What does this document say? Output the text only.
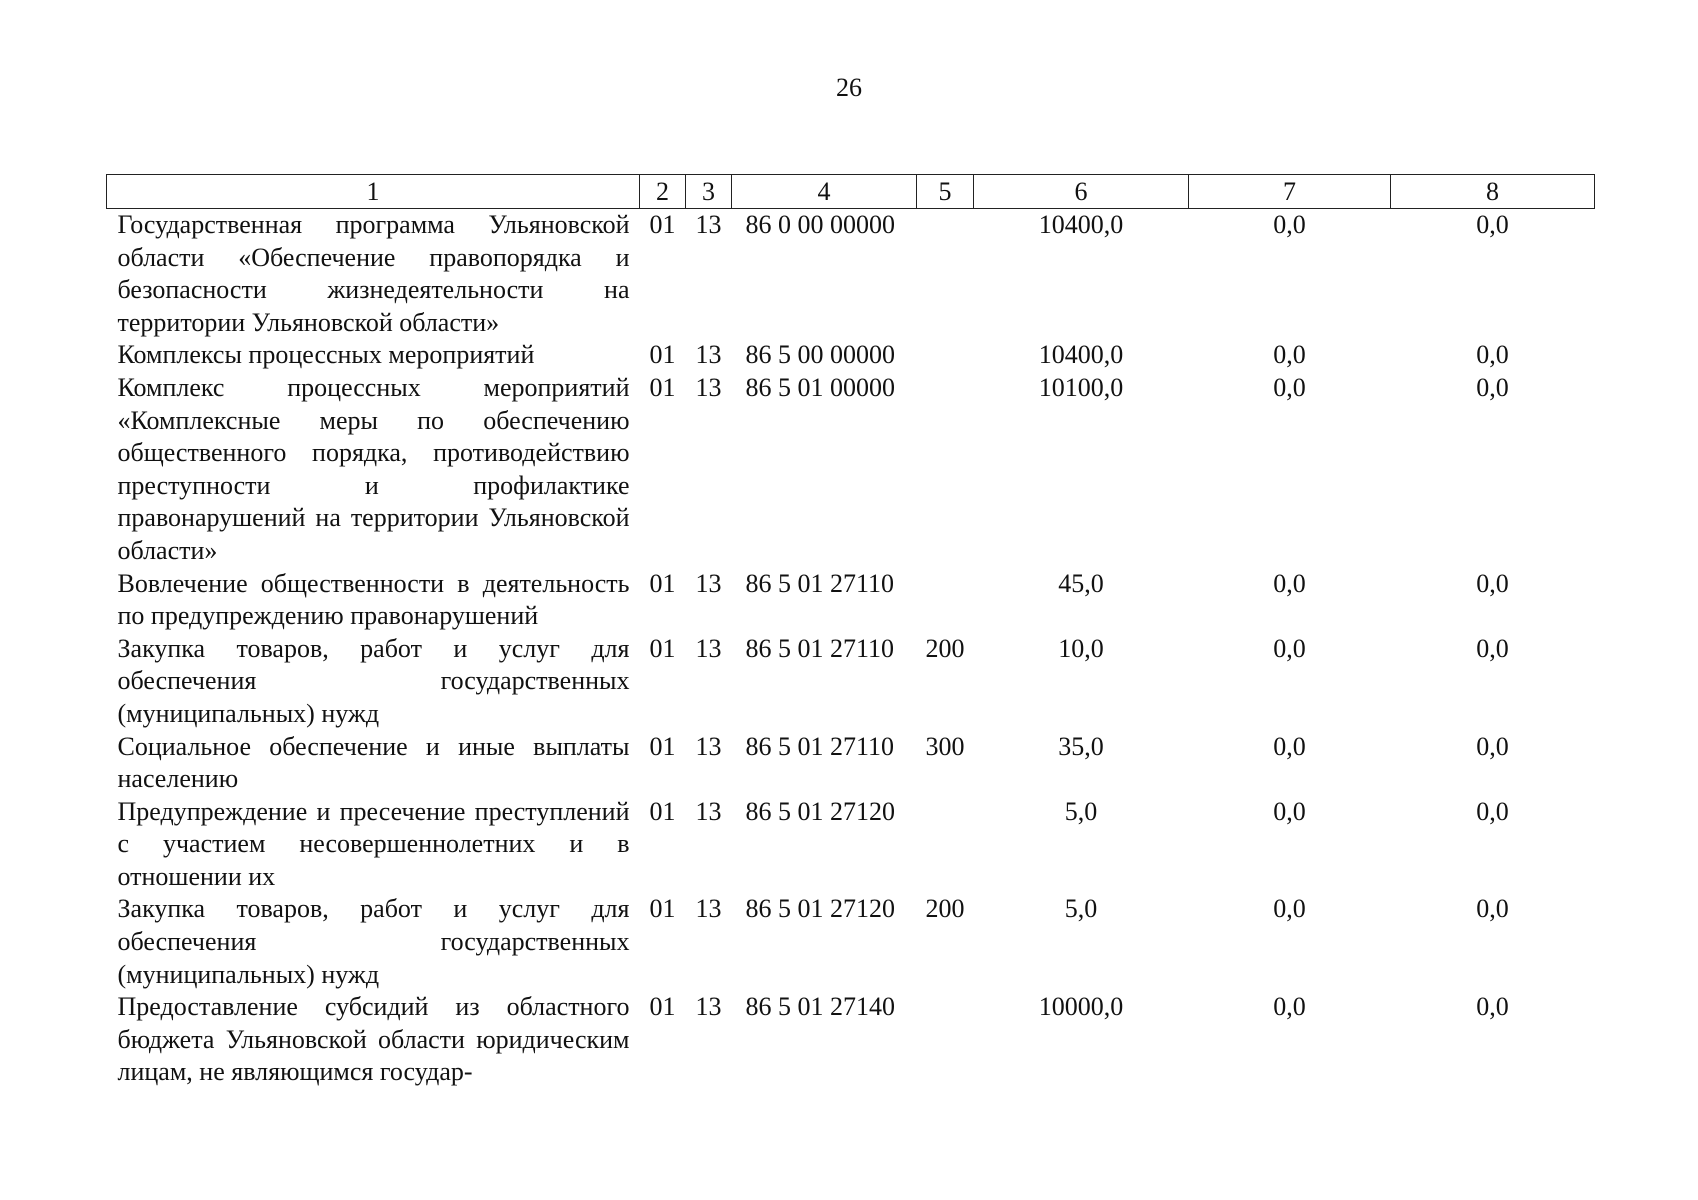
26
1	2	3	4	5	6	7	8
Государственная программа Ульяновской области «Обеспечение правопорядка и безопасности жизнедеятельности на территории Ульяновской области»	01	13	86 0 00 00000		10400,0	0,0	0,0
Комплексы процессных мероприятий	01	13	86 5 00 00000		10400,0	0,0	0,0
Комплекс процессных мероприятий «Комплексные меры по обеспечению общественного порядка, противодействию преступности и профилактике правонарушений на территории Ульяновской области»	01	13	86 5 01 00000		10100,0	0,0	0,0
Вовлечение общественности в деятельность по предупреждению правонарушений	01	13	86 5 01 27110		45,0	0,0	0,0
Закупка товаров, работ и услуг для обеспечения государственных (муниципальных) нужд	01	13	86 5 01 27110	200	10,0	0,0	0,0
Социальное обеспечение и иные выплаты населению	01	13	86 5 01 27110	300	35,0	0,0	0,0
Предупреждение и пресечение преступлений с участием несовершеннолетних и в отношении их	01	13	86 5 01 27120		5,0	0,0	0,0
Закупка товаров, работ и услуг для обеспечения государственных (муниципальных) нужд	01	13	86 5 01 27120	200	5,0	0,0	0,0
Предоставление субсидий из областного бюджета Ульяновской области юридическим лицам, не являющимся государ-	01	13	86 5 01 27140		10000,0	0,0	0,0
